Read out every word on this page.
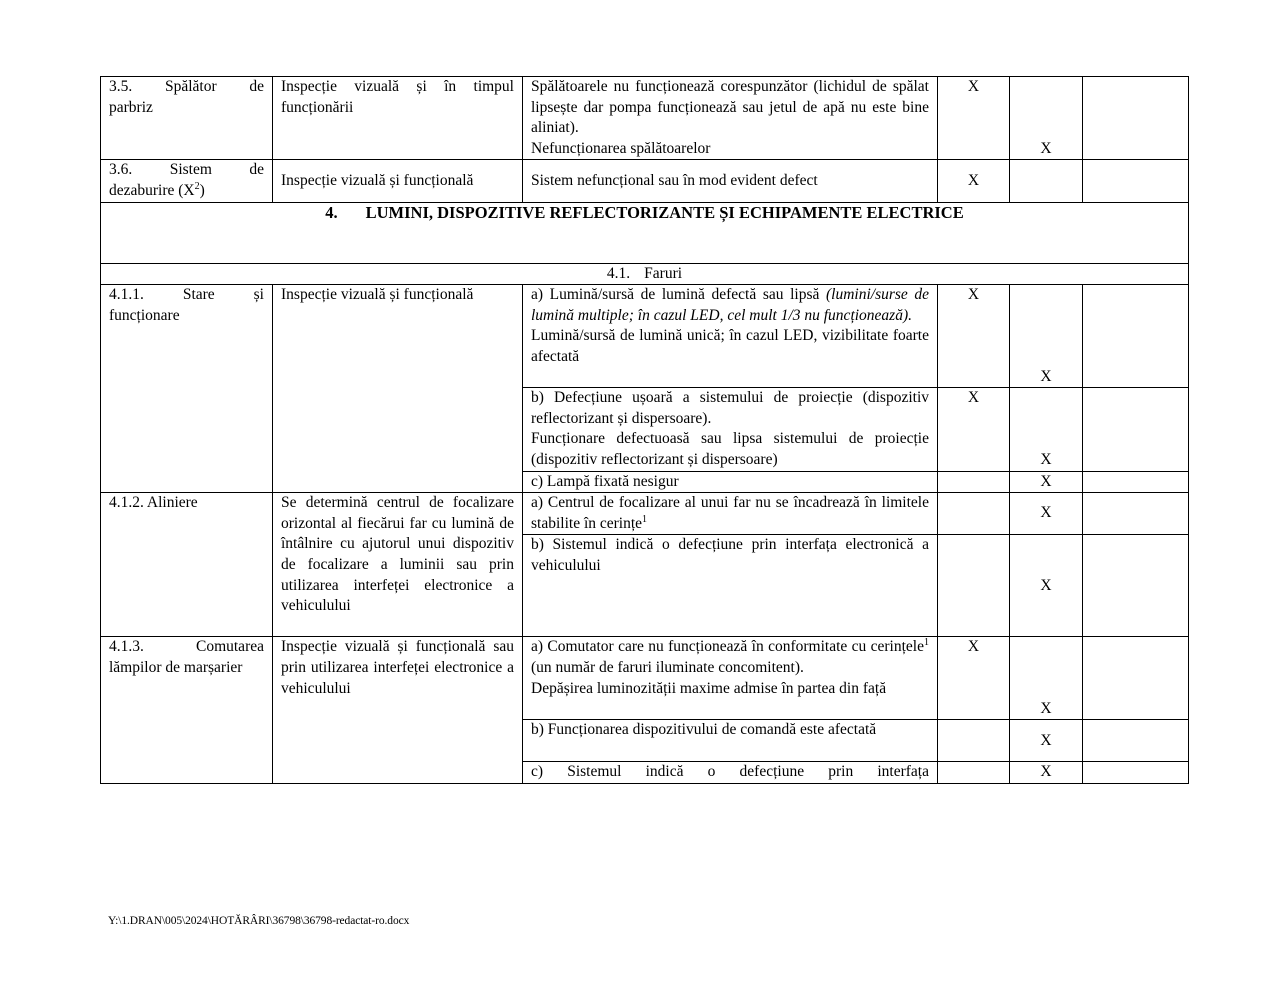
3.5. Spălător de
parbriz	Inspecție vizuală și în timpul funcționării	Spălătoarele nu funcționează corespunzător (lichidul de spălat lipsește dar pompa funcționează sau jetul de apă nu este bine aliniat).
Nefuncționarea spălătoarelor	X	X	

3.6. Sistem de
dezaburire $(X^2)$	Inspecție vizuală și funcțională	Sistem nefuncțional sau în mod evident defect	X		

4. LUMINI, DISPOZITIVE REFLECTORIZANTE ȘI ECHIPAMENTE ELECTRICE					
4.1. Faruri					

4.1.1. Stare și
funcționare	Inspecție vizuală și funcțională	a) Lumină/sursă de lumină defectă sau lipsă (lumini/surse de lumină multiple; în cazul LED, cel mult 1/3 nu funcționează).
Lumină/sursă de lumină unică; în cazul LED, vizibilitate foarte afectată	X	X	

		b) Defecțiune ușoară a sistemului de proiecție (dispozitiv reflectorizant și dispersoare).
Funcționare defectuoasă sau lipsa sistemului de proiecție (dispozitiv reflectorizant și dispersoare)	X	X	

		c) Lampă fixată nesigur		X	

4.1.2. Aliniere	Se determină centrul de focalizare orizontal al fiecărui far cu lumină de întâlnire cu ajutorul unui dispozitiv de focalizare a luminii sau prin utilizarea interfeței electronice a vehiculului	a) Centrul de focalizare al unui far nu se încadrează în limitele stabilite în cerințe$^1$		X	

		b) Sistemul indică o defecțiune prin interfața electronică a vehiculului		X	

4.1.3. Comutarea
lămpilor de marșarier	Inspecție vizuală și funcțională sau prin utilizarea interfeței electronice a vehiculului	a) Comutator care nu funcționează în conformitate cu cerințele$^1$ (un număr de faruri iluminate concomitent).
Depășirea luminozității maxime admise în partea din față	X	X	

		b) Funcționarea dispozitivului de comandă este afectată		X	

		c) Sistemul indică o defecțiune prin interfața		X	

Y:\1.DRAN\005\2024\HOTĂRÂRI\36798\36798-redactat-ro.docx
